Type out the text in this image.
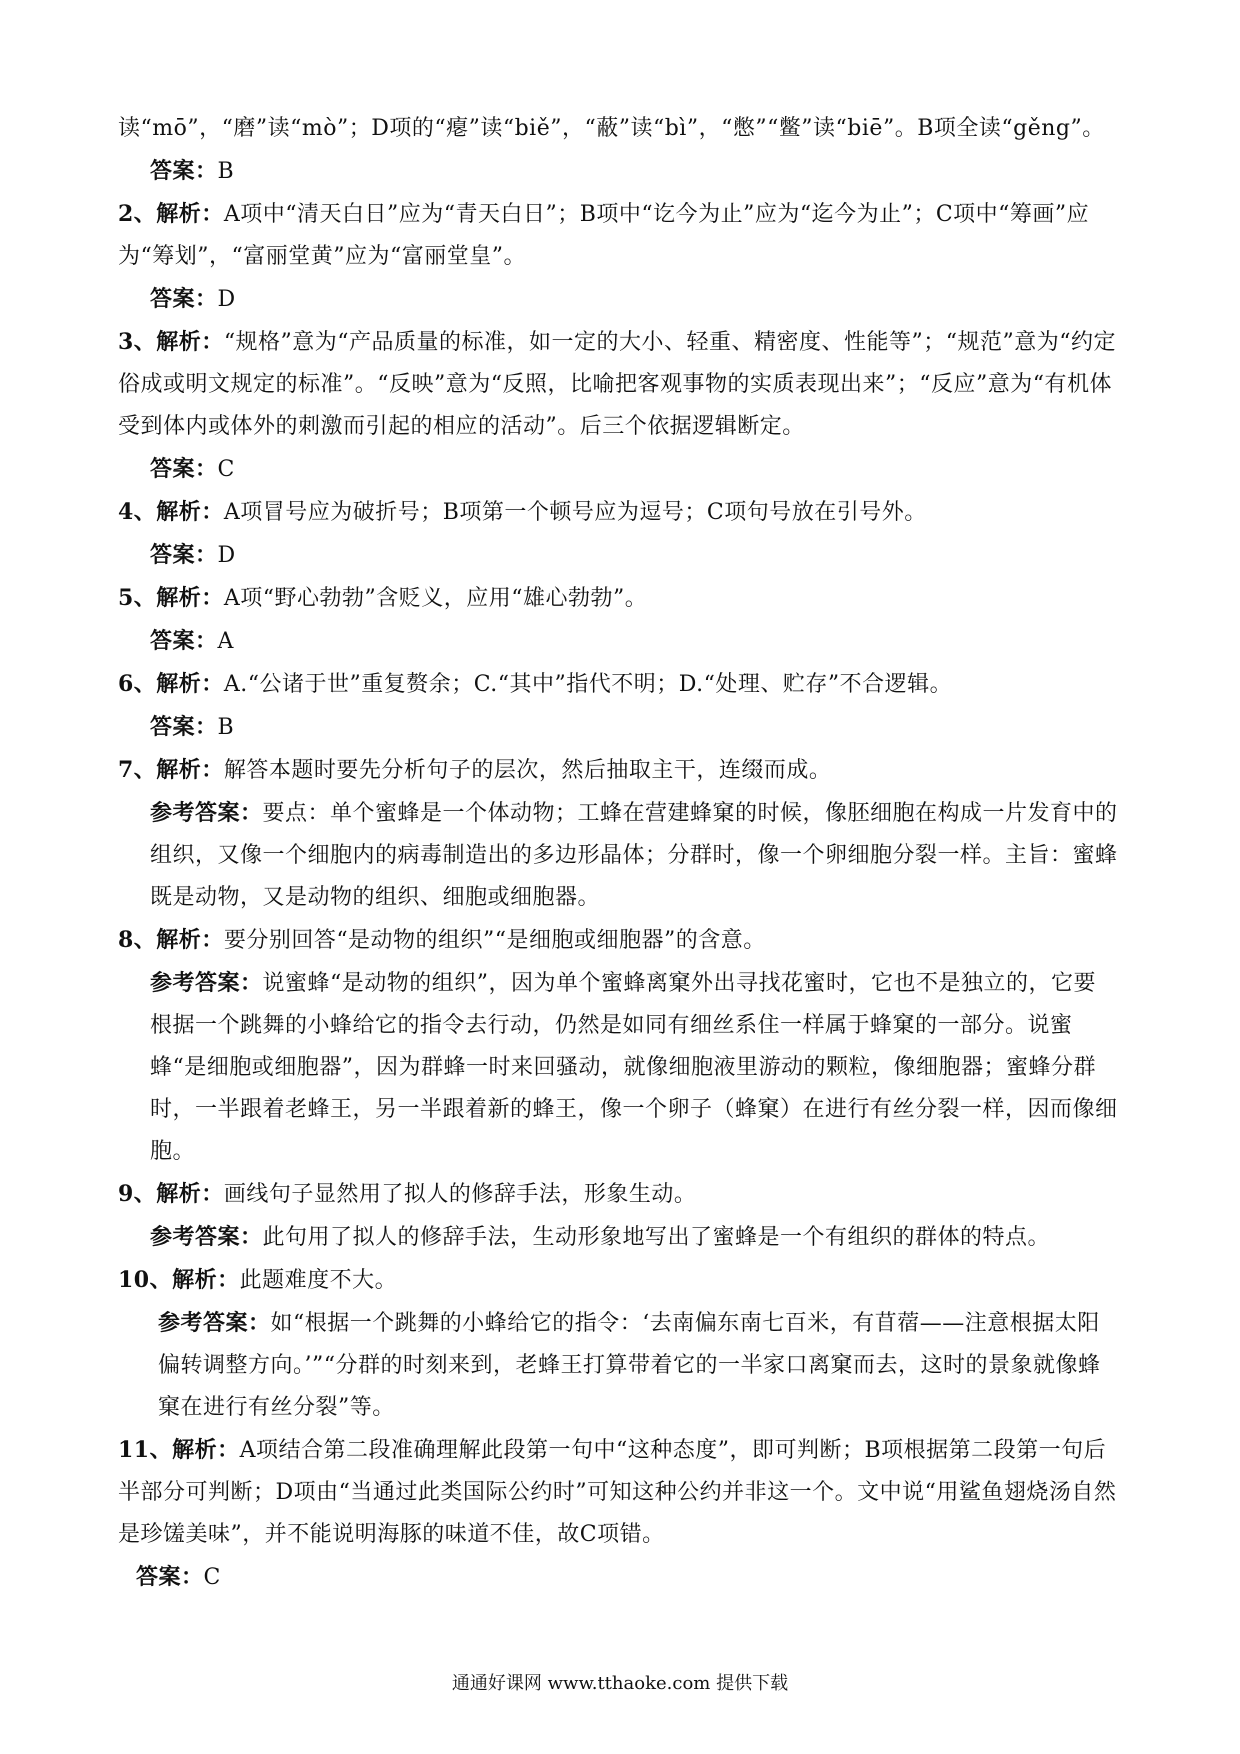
读“mō”，“磨”读“mò”；D项的“瘪”读“biě”，“蔽”读“bì”，“憋”“鳖”读“biē”。B项全读“gěng”。

答案：B

2、解析：A项中“清天白日”应为“青天白日”；B项中“讫今为止”应为“迄今为止”；C项中“筹画”应为“筹划”，“富丽堂黄”应为“富丽堂皇”。

答案：D

3、解析：“规格”意为“产品质量的标准，如一定的大小、轻重、精密度、性能等”；“规范”意为“约定俗成或明文规定的标准”。“反映”意为“反照，比喻把客观事物的实质表现出来”；“反应”意为“有机体受到体内或体外的刺激而引起的相应的活动”。后三个依据逻辑断定。

答案：C

4、解析：A项冒号应为破折号；B项第一个顿号应为逗号；C项句号放在引号外。

答案：D

5、解析：A项“野心勃勃”含贬义，应用“雄心勃勃”。

答案：A

6、解析：A.“公诸于世”重复赘余；C.“其中”指代不明；D.“处理、贮存”不合逻辑。

答案：B

7、解析：解答本题时要先分析句子的层次，然后抽取主干，连缀而成。

参考答案：要点：单个蜜蜂是一个体动物；工蜂在营建蜂窠的时候，像胚细胞在构成一片发育中的组织，又像一个细胞内的病毒制造出的多边形晶体；分群时，像一个卵细胞分裂一样。主旨：蜜蜂既是动物，又是动物的组织、细胞或细胞器。

8、解析：要分别回答“是动物的组织”“是细胞或细胞器”的含意。

参考答案：说蜜蜂“是动物的组织”，因为单个蜜蜂离窠外出寻找花蜜时，它也不是独立的，它要根据一个跳舞的小蜂给它的指令去行动，仍然是如同有细丝系住一样属于蜂窠的一部分。说蜜蜂“是细胞或细胞器”，因为群蜂一时来回骚动，就像细胞液里游动的颗粒，像细胞器；蜜蜂分群时，一半跟着老蜂王，另一半跟着新的蜂王，像一个卵子（蜂窠）在进行有丝分裂一样，因而像细胞。

9、解析：画线句子显然用了拟人的修辞手法，形象生动。

参考答案：此句用了拟人的修辞手法，生动形象地写出了蜜蜂是一个有组织的群体的特点。

10、解析：此题难度不大。

参考答案：如“根据一个跳舞的小蜂给它的指令：‘去南偏东南七百米，有苜蓿——注意根据太阳偏转调整方向。’”“分群的时刻来到，老蜂王打算带着它的一半家口离窠而去，这时的景象就像蜂窠在进行有丝分裂”等。

11、解析：A项结合第二段准确理解此段第一句中“这种态度”，即可判断；B项根据第二段第一句后半部分可判断；D项由“当通过此类国际公约时”可知这种公约并非这一个。文中说“用鲨鱼翅烧汤自然是珍馐美味”，并不能说明海豚的味道不佳，故C项错。

答案：C

通通好课网 www.tthaoke.com 提供下载
